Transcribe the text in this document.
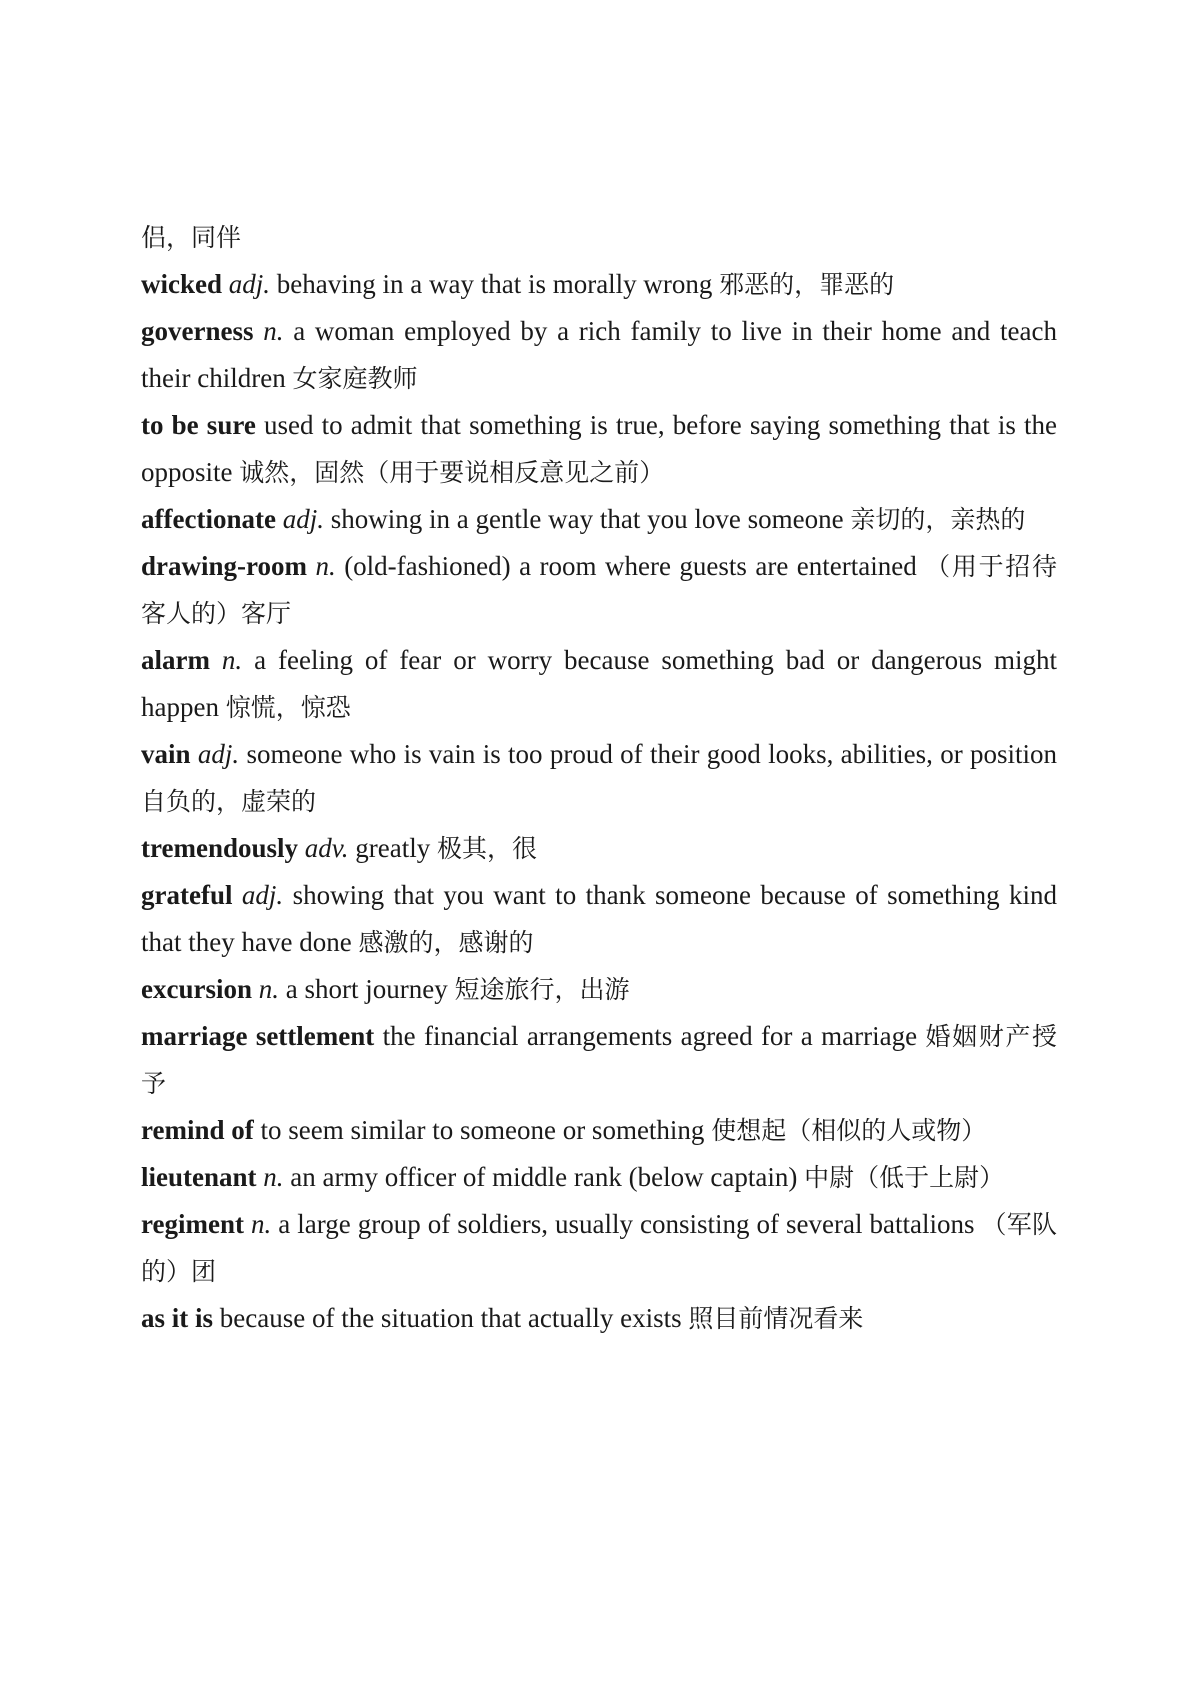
侣，同伴

wicked adj. behaving in a way that is morally wrong 邪恶的，罪恶的

governess n. a woman employed by a rich family to live in their home and teach their children 女家庭教师

to be sure used to admit that something is true, before saying something that is the opposite 诚然，固然（用于要说相反意见之前）

affectionate adj. showing in a gentle way that you love someone 亲切的，亲热的

drawing-room n. (old-fashioned) a room where guests are entertained （用于招待客人的）客厅

alarm n. a feeling of fear or worry because something bad or dangerous might happen 惊慌，惊恐

vain adj. someone who is vain is too proud of their good looks, abilities, or position 自负的，虚荣的

tremendously adv. greatly 极其，很

grateful adj. showing that you want to thank someone because of something kind that they have done 感激的，感谢的

excursion n. a short journey 短途旅行，出游

marriage settlement the financial arrangements agreed for a marriage 婚姻财产授予

remind of to seem similar to someone or something 使想起（相似的人或物）

lieutenant n. an army officer of middle rank (below captain) 中尉（低于上尉）

regiment n. a large group of soldiers, usually consisting of several battalions （军队的）团

as it is because of the situation that actually exists 照目前情况看来
